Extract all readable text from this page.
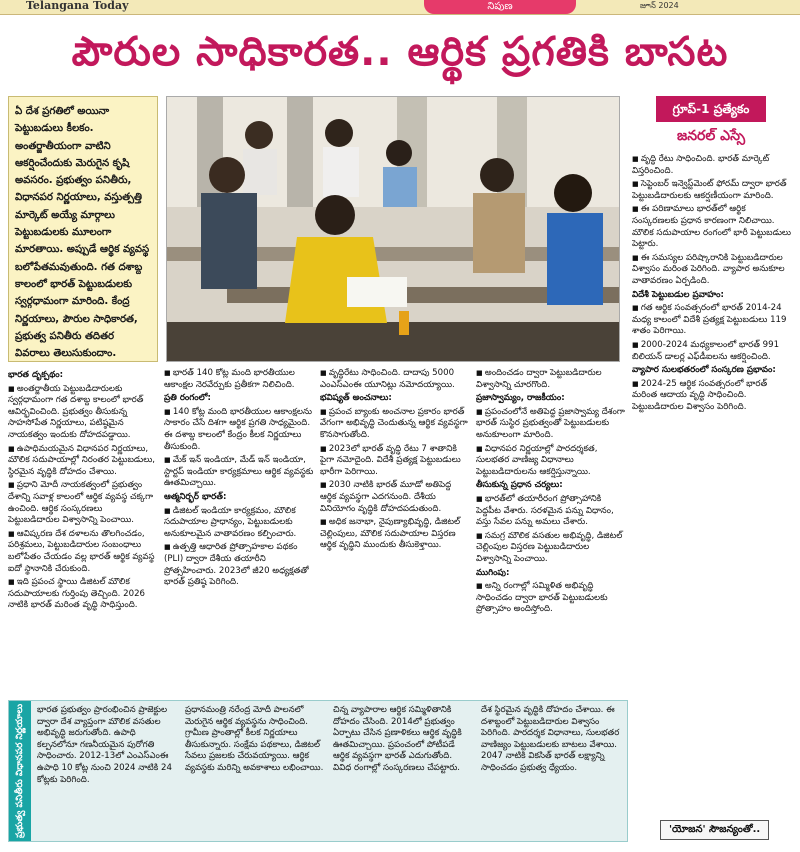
Telangana Today	నిపుణ	జూన్ 2024
పౌరుల సాధికారత.. ఆర్థిక ప్రగతికి బాసట
ఏ దేశ ప్రగతిలో అయినా పెట్టుబడులు కీలకం. అంతర్జాతీయంగా వాటిని ఆకర్షించేందుకు మెరుగైన కృషి అవసరం. ప్రభుత్వం పనితీరు, విధానపర నిర్ణయాలు, వస్తుత్పత్తి మార్కెట్ అయ్యే మార్గాలు పెట్టుబడులకు మూలంగా మారతాయి. అప్పుడే ఆర్థిక వ్యవస్థ బలోపేతమవుతుంది. గత దశాబ్ద కాలంలో భారత్ పెట్టుబడులకు స్వర్గధామంగా మారింది. కేంద్ర నిర్ణయాలు, పౌరుల సాధికారత, ప్రభుత్వ పనితీరు తదితర వివరాలు తెలుసుకుందాం.
గ్రూప్-1 ప్రత్యేకం
జనరల్ ఎస్సే

భారత దృక్పథం:

■ అంతర్జాతీయ పెట్టుబడిదారులకు స్వర్గధామంగా గత దశాబ్ద కాలంలో భారత్ ఆవిర్భవించింది. ప్రభుత్వం తీసుకున్న సాహసోపేత నిర్ణయాలు, పటిష్ఠమైన నాయకత్వం ఇందుకు దోహదపడ్డాయి.

■ ఉపాధిమయమైన విధానపర నిర్ణయాలు, మౌలిక సదుపాయాల్లో నిరంతర పెట్టుబడులు, స్థిరమైన వృద్ధికి దోహదం చేశాయి.

■ ప్రధాని మోదీ నాయకత్వంలో ప్రభుత్వం దేశాన్ని సవాళ్ల కాలంలో ఆర్థిక వ్యవస్థ చక్కగా ఉంచింది. ఆర్థిక సంస్కరణలు పెట్టుబడిదారుల విశ్వాసాన్ని పెంచాయి.

■ ఆవిష్కరణ దేశ దళాలను తొలగించడం, పరిశ్రమలు, పెట్టుబడిదారుల సంబంధాలు బలోపేతం చేయడం వల్ల భారత్ ఆర్థిక వ్యవస్థ ఐదో స్థానానికి చేరుకుంది.

■ ఇది ప్రపంచ స్థాయి డిజిటల్ మౌలిక సదుపాయాలకు గుర్తింపు తెచ్చింది. 2026 నాటికి భారత్ మరింత వృద్ధి సాధిస్తుంది.

■ భారత్ 140 కోట్ల మంది భారతీయుల ఆకాంక్షల నెరవేర్పుకు ప్రతీకగా నిలిచింది.

ప్రతి రంగంలో:

■ 140 కోట్ల మంది భారతీయుల ఆకాంక్షలను సాకారం చేసే దిశగా ఆర్థిక ప్రగతి సాధ్యమైంది. ఈ దశాబ్ద కాలంలో కేంద్రం కీలక నిర్ణయాలు తీసుకుంది.

■ మేక్ ఇన్ ఇండియా, మేడ్ ఇన్ ఇండియా, స్టార్టప్ ఇండియా కార్యక్రమాలు ఆర్థిక వ్యవస్థకు ఊతమిచ్చాయి.

ఆత్మనిర్భర్ భారత్:

■ డిజిటల్ ఇండియా కార్యక్రమం, మౌలిక సదుపాయాల ప్రాధాన్యం, పెట్టుబడులకు అనుకూలమైన వాతావరణం కల్పించారు.

■ ఉత్పత్తి ఆధారిత ప్రోత్సాహకాల పథకం (PLI) ద్వారా దేశీయ తయారీని ప్రోత్సహించారు. 2023లో జీ20 అధ్యక్షతతో భారత్ ప్రతిష్ఠ పెరిగింది.

■ వృద్ధిరేటు సాధించింది. దాదాపు 5000 ఎంఎస్‌ఎంఈ యూనిట్లు నమోదయ్యాయి.

భవిష్యత్ అంచనాలు:

■ ప్రపంచ బ్యాంకు అంచనాల ప్రకారం భారత్ వేగంగా అభివృద్ధి చెందుతున్న ఆర్థిక వ్యవస్థగా కొనసాగుతోంది.

■ 2023లో భారత్ వృద్ధి రేటు 7 శాతానికి పైగా నమోదైంది. విదేశీ ప్రత్యక్ష పెట్టుబడులు భారీగా పెరిగాయి.

■ 2030 నాటికి భారత్ మూడో అతిపెద్ద ఆర్థిక వ్యవస్థగా ఎదగనుంది. దేశీయ వినియోగం వృద్ధికి దోహదపడుతుంది.

■ అధిక జనాభా, నైపుణ్యాభివృద్ధి, డిజిటల్ చెల్లింపులు, మౌలిక సదుపాయాల విస్తరణ ఆర్థిక వృద్ధిని ముందుకు తీసుకెళ్తాయి.

■ అందించడం ద్వారా పెట్టుబడిదారుల విశ్వాసాన్ని చూరగొంది.

ప్రజాస్వామ్యం, రాజకీయం:

■ ప్రపంచంలోనే అతిపెద్ద ప్రజాస్వామ్య దేశంగా భారత్ సుస్థిర ప్రభుత్వంతో పెట్టుబడులకు అనుకూలంగా మారింది.

■ విధానపర నిర్ణయాల్లో పారదర్శకత, సులభతర వాణిజ్య విధానాలు పెట్టుబడిదారులను ఆకర్షిస్తున్నాయి.

తీసుకున్న ప్రధాన చర్యలు:

■ భారత్‌లో తయారీరంగ ప్రోత్సాహానికి పెద్దపీట వేశారు. సరళమైన పన్ను విధానం, వస్తు సేవల పన్ను అమలు చేశారు.

■ సమగ్ర మౌలిక వసతుల అభివృద్ధి, డిజిటల్ చెల్లింపుల విస్తరణ పెట్టుబడిదారుల విశ్వాసాన్ని పెంచాయి.

ముగింపు:

■ అన్ని రంగాల్లో సమ్మిళిత అభివృద్ధి సాధించడం ద్వారా భారత్ పెట్టుబడులకు ప్రోత్సాహం అందిస్తోంది.

■ వృద్ధి రేటు సాధించింది. భారత్ మార్కెట్ విస్తరించింది.

■ సెప్టెంబర్ ఇన్వెస్ట్‌మెంట్ ఫోరమ్ ద్వారా భారత్ పెట్టుబడిదారులకు ఆకర్షణీయంగా మారింది.

■ ఈ పరిణామాలు భారత్‌లో ఆర్థిక సంస్కరణలకు ప్రధాన కారణంగా నిలిచాయి. మౌలిక సదుపాయాల రంగంలో భారీ పెట్టుబడులు పెట్టారు.

■ ఈ సమస్యల పరిష్కారానికి పెట్టుబడిదారుల విశ్వాసం మరింత పెరిగింది. వ్యాపార అనుకూల వాతావరణం ఏర్పడింది.

విదేశీ పెట్టుబడుల ప్రవాహం:

■ గత ఆర్థిక సంవత్సరంలో భారత్ 2014-24 మధ్య కాలంలో విదేశీ ప్రత్యక్ష పెట్టుబడులు 119 శాతం పెరిగాయి.

■ 2000-2024 మధ్యకాలంలో భారత్ 991 బిలియన్ డాలర్ల ఎఫ్‌డీఐలను ఆకర్షించింది.

వ్యాపార సులభతరంలో సంస్కరణ ప్రభావం:

■ 2024-25 ఆర్థిక సంవత్సరంలో భారత్ మరింత ఆదాయ వృద్ధి సాధించింది. పెట్టుబడిదారుల విశ్వాసం పెరిగింది.

ప్రభుత్వ పనితీరు విధానపర నిర్ణయాలు	భారత ప్రభుత్వం ప్రారంభించిన ప్రాజెక్టుల ద్వారా దేశ వ్యాప్తంగా మౌలిక వసతుల అభివృద్ధి జరుగుతోంది. ఉపాధి కల్పనలోనూ గణనీయమైన పురోగతి సాధించారు. 2012-13లో ఎంఎస్‌ఎంఈ ఉపాధి 10 కోట్ల నుంచి 2024 నాటికి 24 కోట్లకు పెరిగింది.
ప్రధానమంత్రి నరేంద్ర మోదీ పాలనలో మెరుగైన ఆర్థిక వ్యవస్థను సాధించింది. గ్రామీణ ప్రాంతాల్లో కీలక నిర్ణయాలు తీసుకున్నారు. సంక్షేమ పథకాలు, డిజిటల్ సేవలు ప్రజలకు చేరువయ్యాయి. ఆర్థిక వ్యవస్థకు మరిన్ని అవకాశాలు లభించాయి.
చిన్న వ్యాపారాల ఆర్థిక సమ్మిళితానికి దోహదం చేసింది. 2014లో ప్రభుత్వం ఏర్పాటు చేసిన ప్రణాళికలు ఆర్థిక వృద్ధికి ఊతమిచ్చాయి. ప్రపంచంలో పోటీపడే ఆర్థిక వ్యవస్థగా భారత్ ఎదుగుతోంది. వివిధ రంగాల్లో సంస్కరణలు చేపట్టారు.
దేశ స్థిరమైన వృద్ధికి దోహదం చేశాయి. ఈ దశాబ్దంలో పెట్టుబడిదారుల విశ్వాసం పెరిగింది. పారదర్శక విధానాలు, సులభతర వాణిజ్యం పెట్టుబడులకు బాటలు వేశాయి. 2047 నాటికి వికసిత్ భారత్ లక్ష్యాన్ని సాధించడం ప్రభుత్వ ధ్యేయం.
'యోజన' సౌజన్యంతో..
